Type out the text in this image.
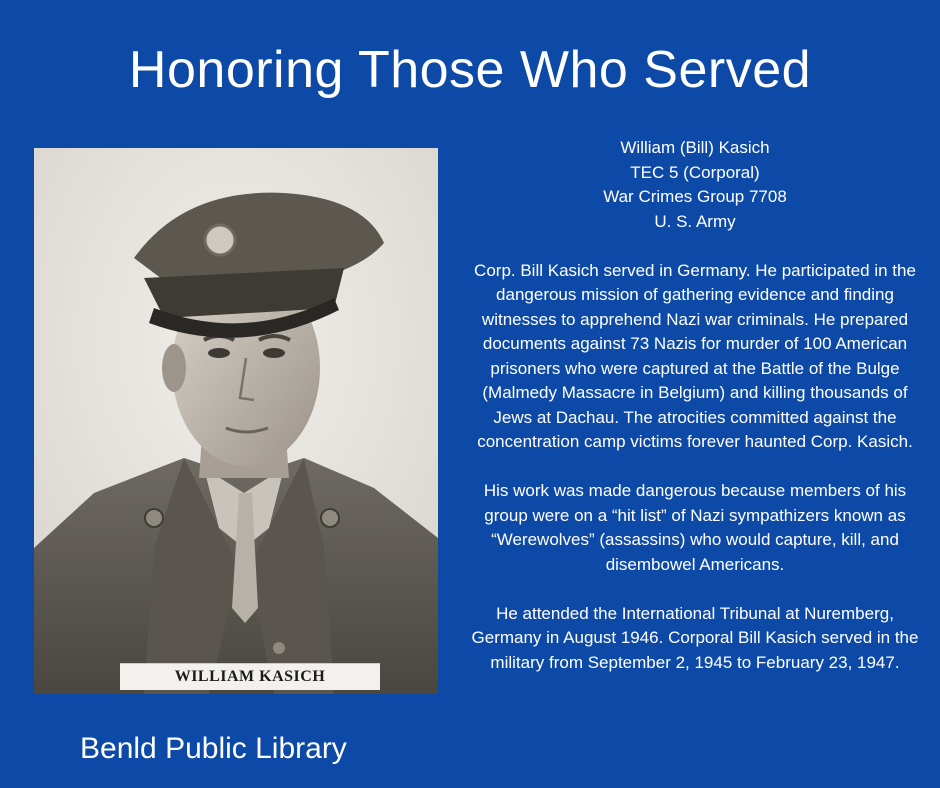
Honoring Those Who Served
WILLIAM KASICH

William (Bill) Kasich

TEC 5 (Corporal)

War Crimes Group 7708

U. S. Army

Corp. Bill Kasich served in Germany. He participated in the dangerous mission of gathering evidence and finding witnesses to apprehend Nazi war criminals. He prepared documents against 73 Nazis for murder of 100 American prisoners who were captured at the Battle of the Bulge (Malmedy Massacre in Belgium) and killing thousands of Jews at Dachau. The atrocities committed against the concentration camp victims forever haunted Corp. Kasich.

His work was made dangerous because members of his group were on a “hit list” of Nazi sympathizers known as “Werewolves” (assassins) who would capture, kill, and disembowel Americans.

He attended the International Tribunal at Nuremberg, Germany in August 1946. Corporal Bill Kasich served in the military from September 2, 1945 to February 23, 1947.

Benld Public Library
